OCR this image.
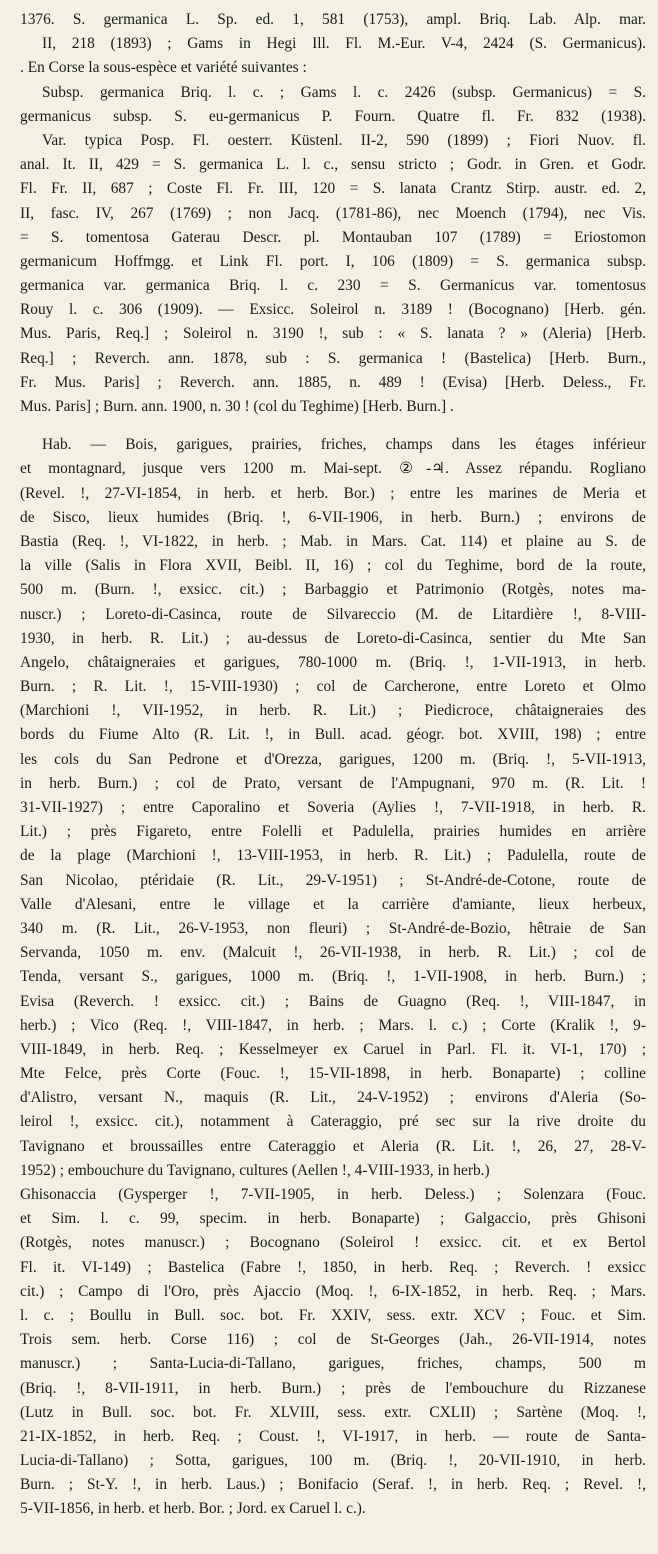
1376. S. germanica L. Sp. ed. 1, 581 (1753), ampl. Briq. Lab. Alp. mar.
II, 218 (1893) ; Gams in Hegi Ill. Fl. M.-Eur. V-4, 2424 (S. Germanicus).
. En Corse la sous-espèce et variété suivantes :
Subsp. germanica Briq. l. c. ; Gams l. c. 2426 (subsp. Germanicus) = S.
germanicus subsp. S. eu-germanicus P. Fourn. Quatre fl. Fr. 832 (1938).
Var. typica Posp. Fl. oesterr. Küstenl. II-2, 590 (1899) ; Fiori Nuov. fl.
anal. It. II, 429 = S. germanica L. l. c., sensu stricto ; Godr. in Gren. et Godr.
Fl. Fr. II, 687 ; Coste Fl. Fr. III, 120 = S. lanata Crantz Stirp. austr. ed. 2,
II, fasc. IV, 267 (1769) ; non Jacq. (1781-86), nec Moench (1794), nec Vis.
= S. tomentosa Gaterau Descr. pl. Montauban 107 (1789) = Eriostomon
germanicum Hoffmgg. et Link Fl. port. I, 106 (1809) = S. germanica subsp.
germanica var. germanica Briq. l. c. 230 = S. Germanicus var. tomentosus
Rouy l. c. 306 (1909). — Exsicc. Soleirol n. 3189 ! (Bocognano) [Herb. gén.
Mus. Paris, Req.] ; Soleirol n. 3190 !, sub : « S. lanata ? » (Aleria) [Herb.
Req.] ; Reverch. ann. 1878, sub : S. germanica ! (Bastelica) [Herb. Burn.,
Fr. Mus. Paris] ; Reverch. ann. 1885, n. 489 ! (Evisa) [Herb. Deless., Fr.
Mus. Paris] ; Burn. ann. 1900, n. 30 ! (col du Teghime) [Herb. Burn.] .
Hab. — Bois, garigues, prairies, friches, champs dans les étages inférieur
et montagnard, jusque vers 1200 m. Mai-sept. ②-♃. Assez répandu. Rogliano
(Revel. !, 27-VI-1854, in herb. et herb. Bor.) ; entre les marines de Meria et
de Sisco, lieux humides (Briq. !, 6-VII-1906, in herb. Burn.) ; environs de
Bastia (Req. !, VI-1822, in herb. ; Mab. in Mars. Cat. 114) et plaine au S. de
la ville (Salis in Flora XVII, Beibl. II, 16) ; col du Teghime, bord de la route,
500 m. (Burn. !, exsicc. cit.) ; Barbaggio et Patrimonio (Rotgès, notes ma-
nuscr.) ; Loreto-di-Casinca, route de Silvareccio (M. de Litardière !, 8-VIII-
1930, in herb. R. Lit.) ; au-dessus de Loreto-di-Casinca, sentier du Mte San
Angelo, châtaigneraies et garigues, 780-1000 m. (Briq. !, 1-VII-1913, in herb.
Burn. ; R. Lit. !, 15-VIII-1930) ; col de Carcherone, entre Loreto et Olmo
(Marchioni !, VII-1952, in herb. R. Lit.) ; Piedicroce, châtaigneraies des
bords du Fiume Alto (R. Lit. !, in Bull. acad. géogr. bot. XVIII, 198) ; entre
les cols du San Pedrone et d'Orezza, garigues, 1200 m. (Briq. !, 5-VII-1913,
in herb. Burn.) ; col de Prato, versant de l'Ampugnani, 970 m. (R. Lit. !
31-VII-1927) ; entre Caporalino et Soveria (Aylies !, 7-VII-1918, in herb. R.
Lit.) ; près Figareto, entre Folelli et Padulella, prairies humides en arrière
de la plage (Marchioni !, 13-VIII-1953, in herb. R. Lit.) ; Padulella, route de
San Nicolao, ptéridaie (R. Lit., 29-V-1951) ; St-André-de-Cotone, route de
Valle d'Alesani, entre le village et la carrière d'amiante, lieux herbeux,
340 m. (R. Lit., 26-V-1953, non fleuri) ; St-André-de-Bozio, hêtraie de San
Servanda, 1050 m. env. (Malcuit !, 26-VII-1938, in herb. R. Lit.) ; col de
Tenda, versant S., garigues, 1000 m. (Briq. !, 1-VII-1908, in herb. Burn.) ;
Evisa (Reverch. ! exsicc. cit.) ; Bains de Guagno (Req. !, VIII-1847, in
herb.) ; Vico (Req. !, VIII-1847, in herb. ; Mars. l. c.) ; Corte (Kralik !, 9-
VIII-1849, in herb. Req. ; Kesselmeyer ex Caruel in Parl. Fl. it. VI-1, 170) ;
Mte Felce, près Corte (Fouc. !, 15-VII-1898, in herb. Bonaparte) ; colline
d'Alistro, versant N., maquis (R. Lit., 24-V-1952) ; environs d'Aleria (So-
leirol !, exsicc. cit.), notamment à Cateraggio, pré sec sur la rive droite du
Tavignano et broussailles entre Cateraggio et Aleria (R. Lit. !, 26, 27, 28-V-
1952) ; embouchure du Tavignano, cultures (Aellen !, 4-VIII-1933, in herb.)
Ghisonaccia (Gysperger !, 7-VII-1905, in herb. Deless.) ; Solenzara (Fouc.
et Sim. l. c. 99, specim. in herb. Bonaparte) ; Galgaccio, près Ghisoni
(Rotgès, notes manuscr.) ; Bocognano (Soleirol ! exsicc. cit. et ex Bertol
Fl. it. VI-149) ; Bastelica (Fabre !, 1850, in herb. Req. ; Reverch. ! exsicc
cit.) ; Campo di l'Oro, près Ajaccio (Moq. !, 6-IX-1852, in herb. Req. ; Mars.
l. c. ; Boullu in Bull. soc. bot. Fr. XXIV, sess. extr. XCV ; Fouc. et Sim.
Trois sem. herb. Corse 116) ; col de St-Georges (Jah., 26-VII-1914, notes
manuscr.) ; Santa-Lucia-di-Tallano, garigues, friches, champs, 500 m
(Briq. !, 8-VII-1911, in herb. Burn.) ; près de l'embouchure du Rizzanese
(Lutz in Bull. soc. bot. Fr. XLVIII, sess. extr. CXLII) ; Sartène (Moq. !,
21-IX-1852, in herb. Req. ; Coust. !, VI-1917, in herb. — route de Santa-
Lucia-di-Tallano) ; Sotta, garigues, 100 m. (Briq. !, 20-VII-1910, in herb.
Burn. ; St-Y. !, in herb. Laus.) ; Bonifacio (Seraf. !, in herb. Req. ; Revel. !,
5-VII-1856, in herb. et herb. Bor. ; Jord. ex Caruel l. c.).
